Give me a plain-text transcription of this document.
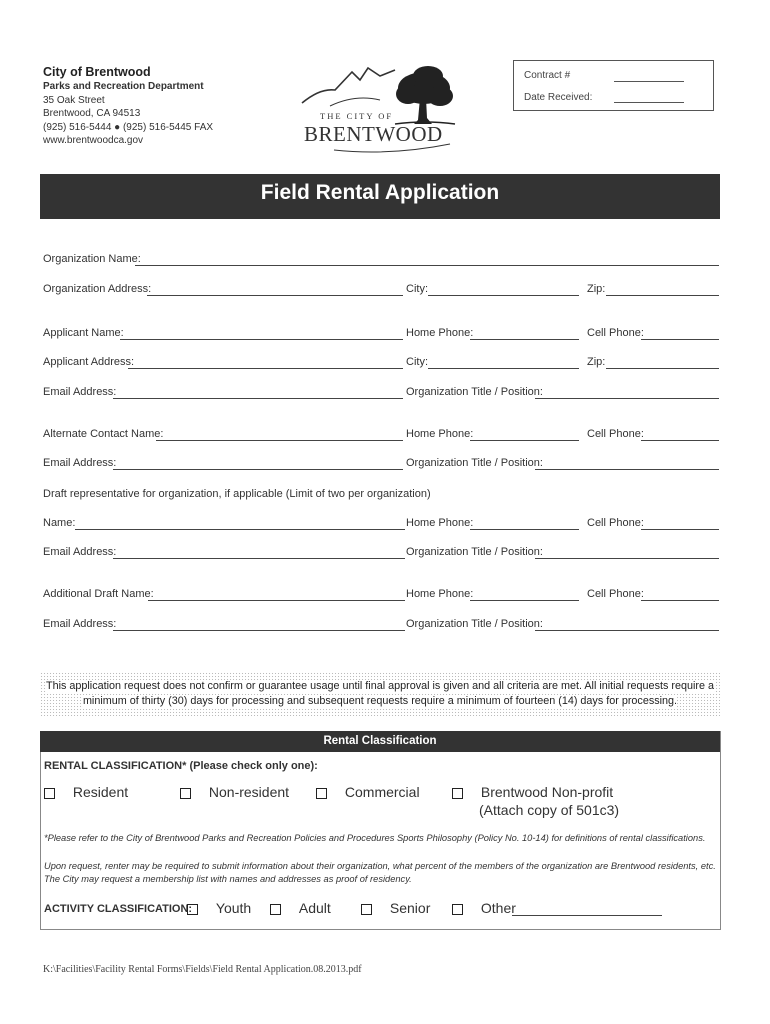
City of Brentwood
Parks and Recreation Department
35 Oak Street
Brentwood, CA 94513
(925) 516-5444 ● (925) 516-5445 FAX
www.brentwoodca.gov
THE CITY OF
BRENTWOOD
Contract #
Date Received:
Field Rental Application
Organization Name:
Organization Address:	City:	Zip:
Applicant Name:	Home Phone:	Cell Phone:
Applicant Address:	City:	Zip:
Email Address:	Organization Title / Position:
Alternate Contact Name:	Home Phone:	Cell Phone:
Email Address:	Organization Title / Position:
Draft representative for organization, if applicable (Limit of two per organization)
Name:	Home Phone:	Cell Phone:
Email Address:	Organization Title / Position:
Additional Draft Name:	Home Phone:	Cell Phone:
Email Address:	Organization Title / Position:
This application request does not confirm or guarantee usage until final approval is given and all criteria are met. All initial requests require a
minimum of thirty (30) days for processing and subsequent requests require a minimum of fourteen (14) days for processing.
Rental Classification
RENTAL CLASSIFICATION* (Please check only one):
Resident	Non-resident	Commercial	Brentwood Non-profit
(Attach copy of 501c3)
*Please refer to the City of Brentwood Parks and Recreation Policies and Procedures Sports Philosophy (Policy No. 10-14) for definitions of rental classifications.
Upon request, renter may be required to submit information about their organization, what percent of the members of the organization are Brentwood residents, etc.
The City may request a membership list with names and addresses as proof of residency.
ACTIVITY CLASSIFICATION:	Youth	Adult	Senior	Other
K:\Facilities\Facility Rental Forms\Fields\Field Rental Application.08.2013.pdf
